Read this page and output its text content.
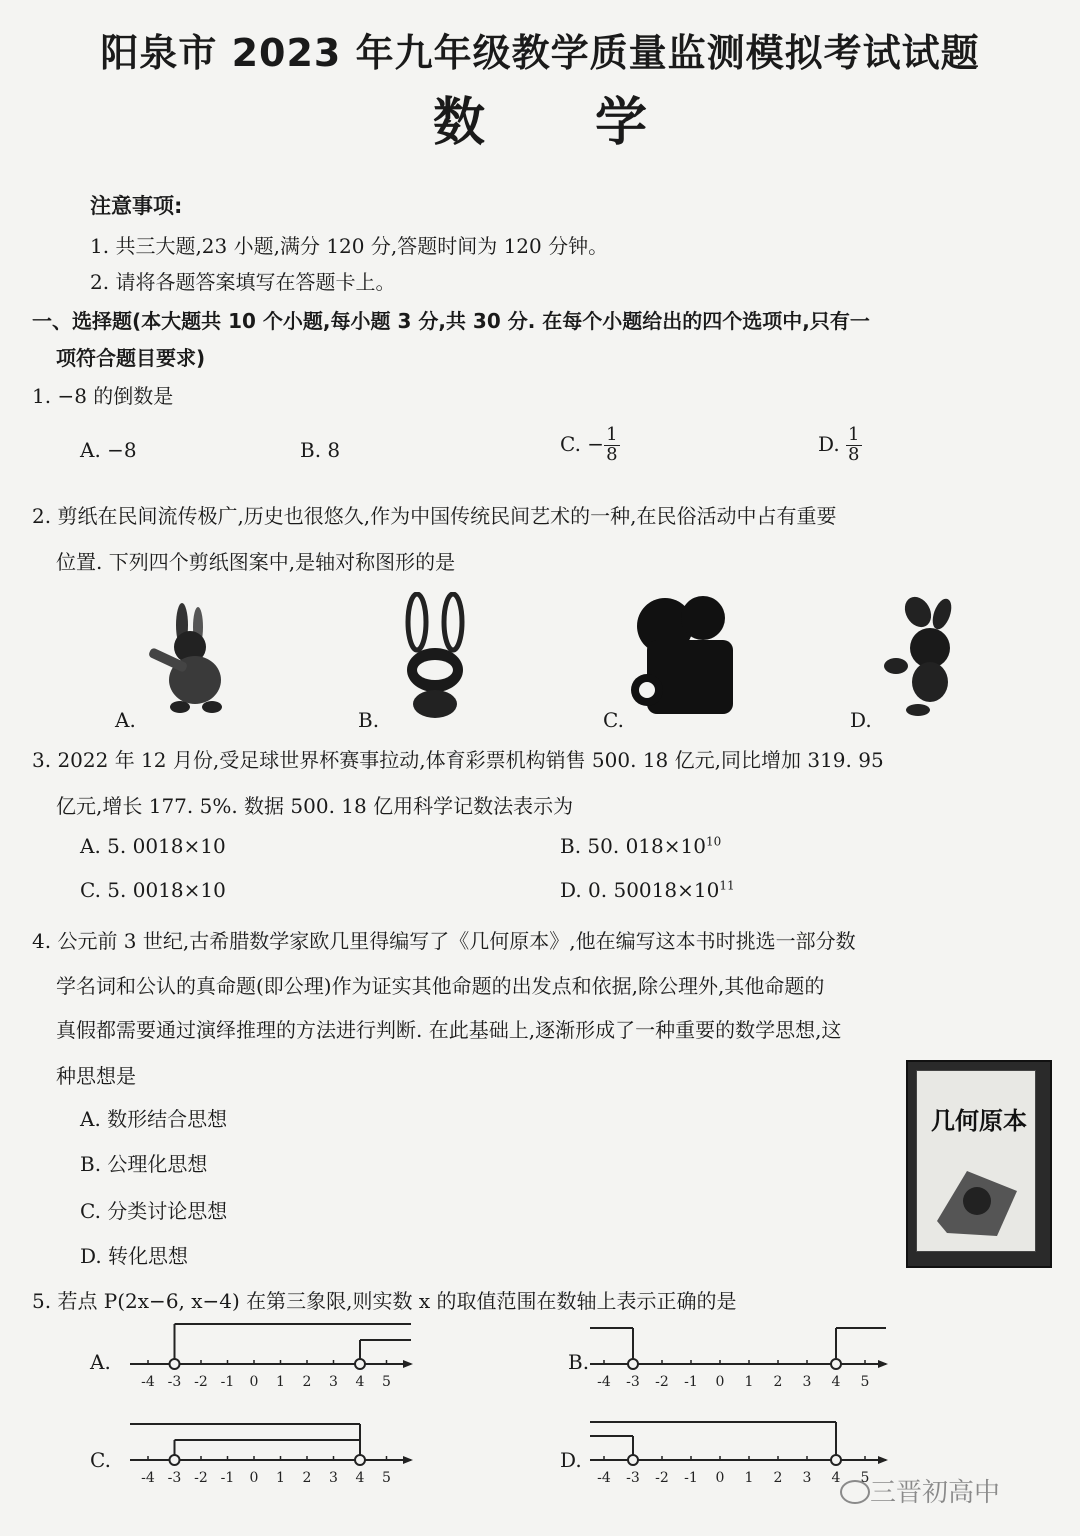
阳泉市 2023 年九年级教学质量监测模拟考试试题
数学
注意事项:
1. 共三大题,23 小题,满分 120 分,答题时间为 120 分钟。
2. 请将各题答案填写在答题卡上。
一、选择题(本大题共 10 个小题,每小题 3 分,共 30 分. 在每个小题给出的四个选项中,只有一
项符合题目要求)
1. −8 的倒数是
A. −8	B. 8	C. − $\frac{1}{8}$	D. $\frac{1}{8}$
2. 剪纸在民间流传极广,历史也很悠久,作为中国传统民间艺术的一种,在民俗活动中占有重要
位置. 下列四个剪纸图案中,是轴对称图形的是
A.	B.	C.	D.
3. 2022 年 12 月份,受足球世界杯赛事拉动,体育彩票机构销售 500. 18 亿元,同比增加 319. 95
亿元,增长 177. 5%. 数据 500. 18 亿用科学记数法表示为
A. 5. 0018×10	B. 50. $018\times 10^{10}$
C. 5. 0018×10	D. 0. $50018\times 10^{11}$
4. 公元前 3 世纪,古希腊数学家欧几里得编写了《几何原本》,他在编写这本书时挑选一部分数
学名词和公认的真命题(即公理)作为证实其他命题的出发点和依据,除公理外,其他命题的
真假都需要通过演绎推理的方法进行判断. 在此基础上,逐渐形成了一种重要的数学思想,这
种思想是
A. 数形结合思想
B. 公理化思想
C. 分类讨论思想
D. 转化思想
几何原本
5. 若点 P(2x−6, x−4) 在第三象限,则实数 x 的取值范围在数轴上表示正确的是
A.	B.
C.	D.
-4 -3 -2 -1 0 1 2 3 4 5	-4 -3 -2 -1 0 1 2 3 4 5
-4 -3 -2 -1 0 1 2 3 4 5	-4 -3 -2 -1 0 1 2 3 4 5 三晋初高中
